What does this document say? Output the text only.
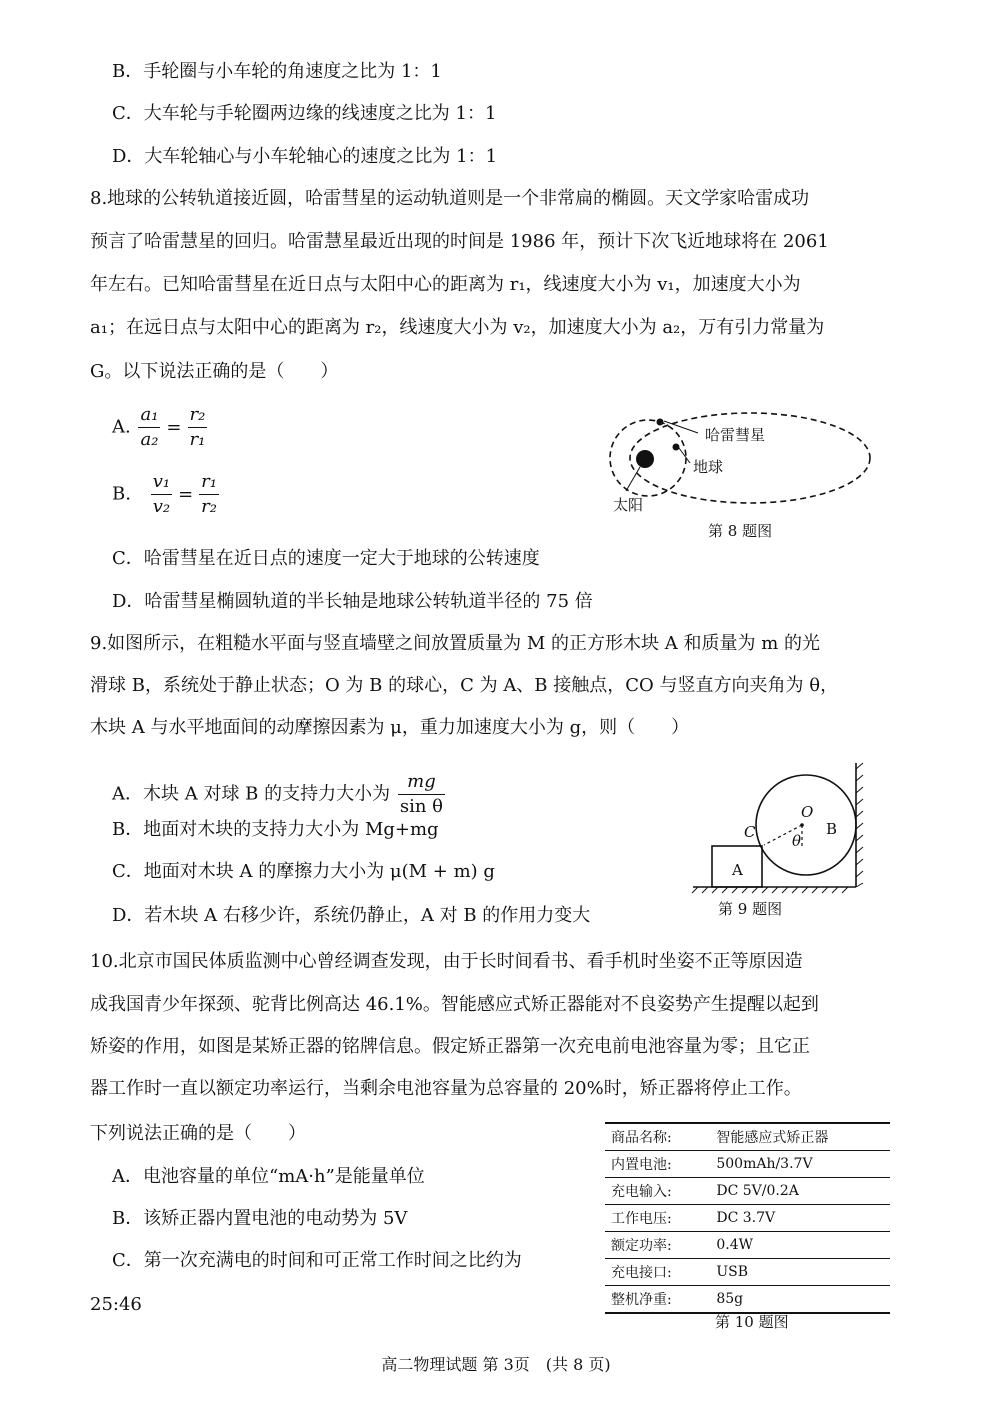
B．手轮圈与小车轮的角速度之比为 1：1
C．大车轮与手轮圈两边缘的线速度之比为 1：1
D．大车轮轴心与小车轮轴心的速度之比为 1：1
8.地球的公转轨道接近圆，哈雷彗星的运动轨道则是一个非常扁的椭圆。天文学家哈雷成功
预言了哈雷慧星的回归。哈雷慧星最近出现的时间是 1986 年，预计下次飞近地球将在 2061
年左右。已知哈雷彗星在近日点与太阳中心的距离为 r₁，线速度大小为 v₁，加速度大小为
a₁；在远日点与太阳中心的距离为 r₂，线速度大小为 v₂，加速度大小为 a₂，万有引力常量为
G。以下说法正确的是（　　）
A. $\frac{\text{a₁}}{\text{a₂}} = \frac{\text{r₂}}{\text{r₁}}$
B. $\frac{\text{v₁}}{\text{v₂}} = \frac{\text{r₁}}{\text{r₂}}$
C．哈雷彗星在近日点的速度一定大于地球的公转速度
D．哈雷彗星椭圆轨道的半长轴是地球公转轨道半径的 75 倍
哈雷彗星
地球
太阳
第 8 题图
9.如图所示，在粗糙水平面与竖直墙壁之间放置质量为 M 的正方形木块 A 和质量为 m 的光
滑球 B，系统处于静止状态；O 为 B 的球心，C 为 A、B 接触点，CO 与竖直方向夹角为 θ，
木块 A 与水平地面间的动摩擦因素为 μ，重力加速度大小为 g，则（　　）
A．木块 A 对球 B 的支持力大小为 $\frac{mg}{\text{sin θ}}$
B．地面对木块的支持力大小为 Mg+mg
C．地面对木块 A 的摩擦力大小为 μ(M + m) g
D．若木块 A 右移少许，系统仍静止，A 对 B 的作用力变大
O
B
C θ
A
第 9 题图
10.北京市国民体质监测中心曾经调查发现，由于长时间看书、看手机时坐姿不正等原因造
成我国青少年探颈、驼背比例高达 46.1%。智能感应式矫正器能对不良姿势产生提醒以起到
矫姿的作用，如图是某矫正器的铭牌信息。假定矫正器第一次充电前电池容量为零；且它正
器工作时一直以额定功率运行，当剩余电池容量为总容量的 20%时，矫正器将停止工作。
下列说法正确的是（　　）
A．电池容量的单位“mA·h”是能量单位
B．该矫正器内置电池的电动势为 5V
C．第一次充满电的时间和可正常工作时间之比约为
25:46
商品名称:	智能感应式矫正器
内置电池:	500mAh/3.7V
充电输入:	DC 5V/0.2A
工作电压:	DC 3.7V
额定功率:	0.4W
充电接口:	USB
整机净重:	85g
第 10 题图
高二物理试题 第 3页　(共 8 页)
